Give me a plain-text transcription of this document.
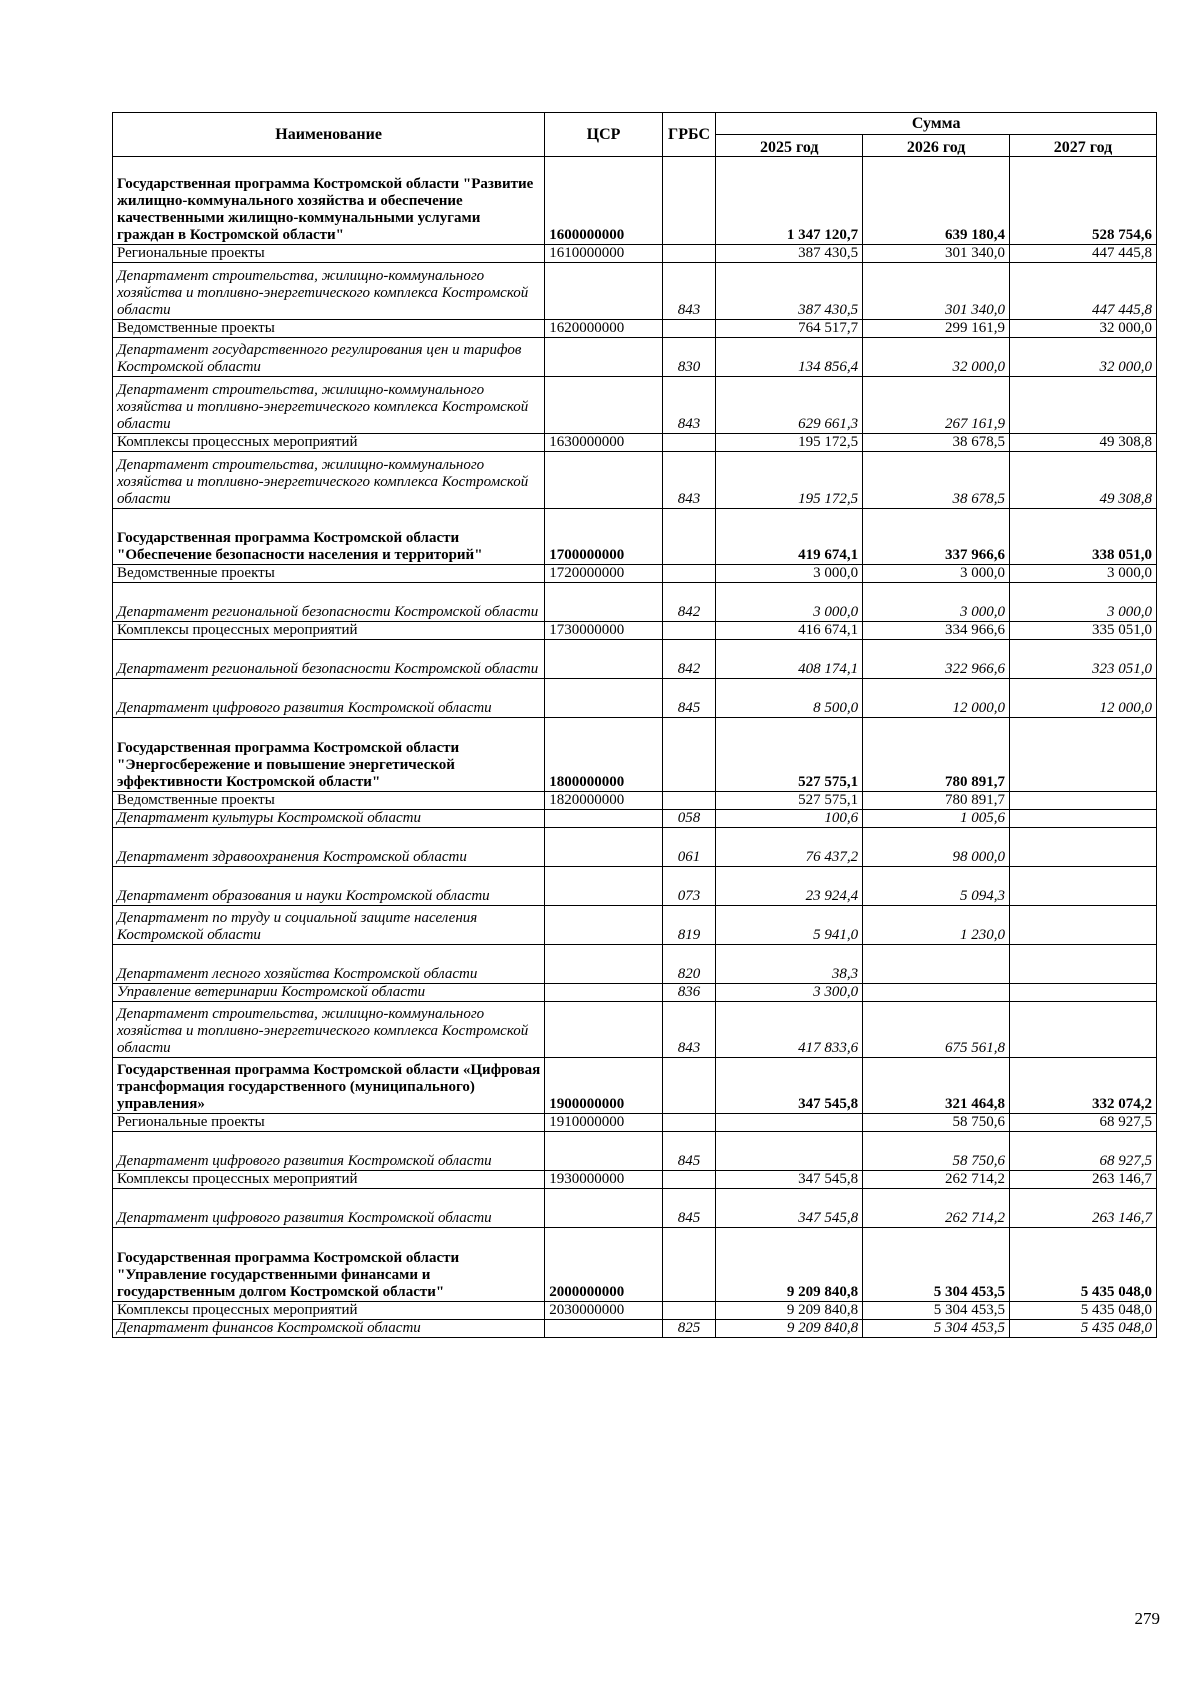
Наименование	ЦСР	ГРБС	Сумма		
			2025 год	2026 год	2027 год
Государственная программа Костромской области "Развитие жилищно-коммунального хозяйства и обеспечение качественными жилищно-коммунальными услугами граждан в Костромской области"	1600000000		1 347 120,7	639 180,4	528 754,6
Региональные проекты	1610000000		387 430,5	301 340,0	447 445,8
Департамент строительства, жилищно-коммунального хозяйства и топливно-энергетического комплекса Костромской области		843	387 430,5	301 340,0	447 445,8
Ведомственные проекты	1620000000		764 517,7	299 161,9	32 000,0
Департамент государственного регулирования цен и тарифов Костромской области		830	134 856,4	32 000,0	32 000,0
Департамент строительства, жилищно-коммунального хозяйства и топливно-энергетического комплекса Костромской области		843	629 661,3	267 161,9	
Комплексы процессных мероприятий	1630000000		195 172,5	38 678,5	49 308,8
Департамент строительства, жилищно-коммунального хозяйства и топливно-энергетического комплекса Костромской области		843	195 172,5	38 678,5	49 308,8
Государственная программа Костромской области "Обеспечение безопасности населения и территорий"	1700000000		419 674,1	337 966,6	338 051,0
Ведомственные проекты	1720000000		3 000,0	3 000,0	3 000,0
Департамент региональной безопасности Костромской области		842	3 000,0	3 000,0	3 000,0
Комплексы процессных мероприятий	1730000000		416 674,1	334 966,6	335 051,0
Департамент региональной безопасности Костромской области		842	408 174,1	322 966,6	323 051,0
Департамент цифрового развития Костромской области		845	8 500,0	12 000,0	12 000,0
Государственная программа Костромской области "Энергосбережение и повышение энергетической эффективности Костромской области"	1800000000		527 575,1	780 891,7	
Ведомственные проекты	1820000000		527 575,1	780 891,7	
Департамент культуры Костромской области		058	100,6	1 005,6	
Департамент здравоохранения Костромской области		061	76 437,2	98 000,0	
Департамент образования и науки Костромской области		073	23 924,4	5 094,3	
Департамент по труду и социальной защите населения Костромской области		819	5 941,0	1 230,0	
Департамент лесного хозяйства Костромской области		820	38,3		
Управление ветеринарии Костромской области		836	3 300,0		
Департамент строительства, жилищно-коммунального хозяйства и топливно-энергетического комплекса Костромской области		843	417 833,6	675 561,8	
Государственная программа Костромской области «Цифровая трансформация государственного (муниципального) управления»	1900000000		347 545,8	321 464,8	332 074,2
Региональные проекты	1910000000			58 750,6	68 927,5
Департамент цифрового развития Костромской области		845		58 750,6	68 927,5
Комплексы процессных мероприятий	1930000000		347 545,8	262 714,2	263 146,7
Департамент цифрового развития Костромской области		845	347 545,8	262 714,2	263 146,7
Государственная программа Костромской области "Управление государственными финансами и государственным долгом Костромской области"	2000000000		9 209 840,8	5 304 453,5	5 435 048,0
Комплексы процессных мероприятий	2030000000		9 209 840,8	5 304 453,5	5 435 048,0
Департамент финансов Костромской области		825	9 209 840,8	5 304 453,5	5 435 048,0
279
